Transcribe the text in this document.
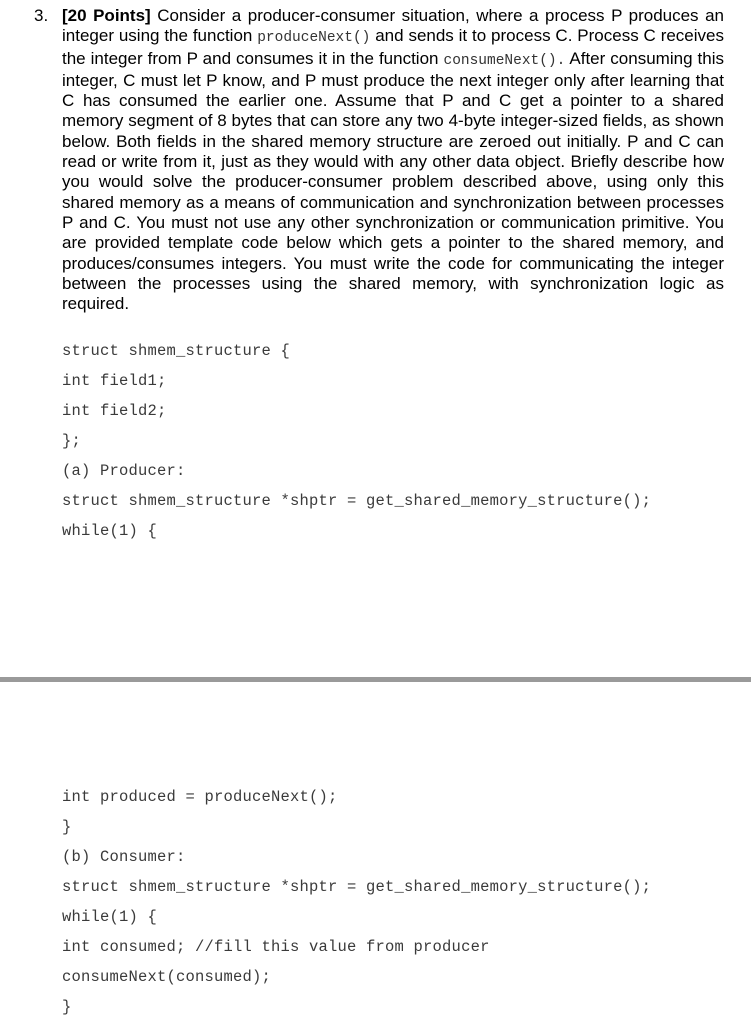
3. [20 Points] Consider a producer-consumer situation, where a process P produces an integer using the function produceNext() and sends it to process C. Process C receives the integer from P and consumes it in the function consumeNext(). After consuming this integer, C must let P know, and P must produce the next integer only after learning that C has consumed the earlier one. Assume that P and C get a pointer to a shared memory segment of 8 bytes that can store any two 4-byte integer-sized fields, as shown below. Both fields in the shared memory structure are zeroed out initially. P and C can read or write from it, just as they would with any other data object. Briefly describe how you would solve the producer-consumer problem described above, using only this shared memory as a means of communication and synchronization between processes P and C. You must not use any other synchronization or communication primitive. You are provided template code below which gets a pointer to the shared memory, and produces/consumes integers. You must write the code for communicating the integer between the processes using the shared memory, with synchronization logic as required.
struct shmem_structure {
int field1;
int field2;
};
(a) Producer:
struct shmem_structure *shptr = get_shared_memory_structure();
while(1) {
int produced = produceNext();
}
(b) Consumer:
struct shmem_structure *shptr = get_shared_memory_structure();
while(1) {
int consumed; //fill this value from producer
consumeNext(consumed);
}
